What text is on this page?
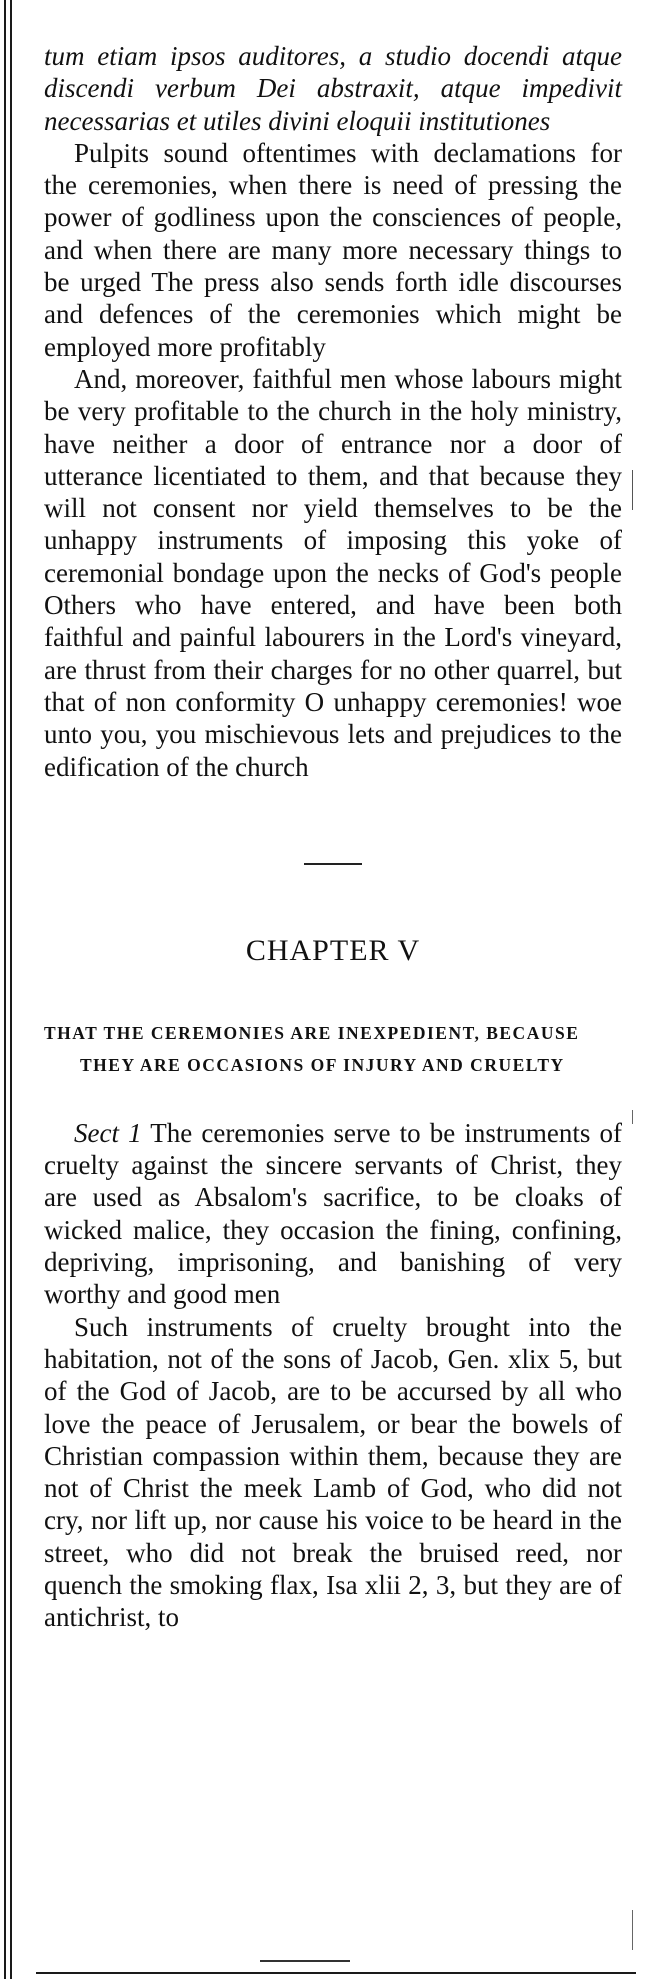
tum etiam ipsos auditores, a studio docendi atque discendi verbum Dei abstraxit, atque impedivit necessarias et utiles divini eloquii institutiones

Pulpits sound oftentimes with declamations for the ceremonies, when there is need of pressing the power of godliness upon the consciences of people, and when there are many more necessary things to be urged The press also sends forth idle discourses and defences of the ceremonies which might be employed more profitably

And, moreover, faithful men whose labours might be very profitable to the church in the holy ministry, have neither a door of entrance nor a door of utterance licentiated to them, and that because they will not consent nor yield themselves to be the unhappy instruments of imposing this yoke of ceremonial bondage upon the necks of God's people Others who have entered, and have been both faithful and painful labourers in the Lord's vineyard, are thrust from their charges for no other quarrel, but that of non conformity O unhappy ceremonies! woe unto you, you mischievous lets and prejudices to the edification of the church

CHAPTER V
THAT THE CEREMONIES ARE INEXPEDIENT, BECAUSE THEY ARE OCCASIONS OF INJURY AND CRUELTY

Sect 1 The ceremonies serve to be instruments of cruelty against the sincere servants of Christ, they are used as Absalom's sacrifice, to be cloaks of wicked malice, they occasion the fining, confining, depriving, imprisoning, and banishing of very worthy and good men

Such instruments of cruelty brought into the habitation, not of the sons of Jacob, Gen. xlix 5, but of the God of Jacob, are to be accursed by all who love the peace of Jerusalem, or bear the bowels of Christian compassion within them, because they are not of Christ the meek Lamb of God, who did not cry, nor lift up, nor cause his voice to be heard in the street, who did not break the bruised reed, nor quench the smoking flax, Isa xlii 2, 3, but they are of antichrist, to
